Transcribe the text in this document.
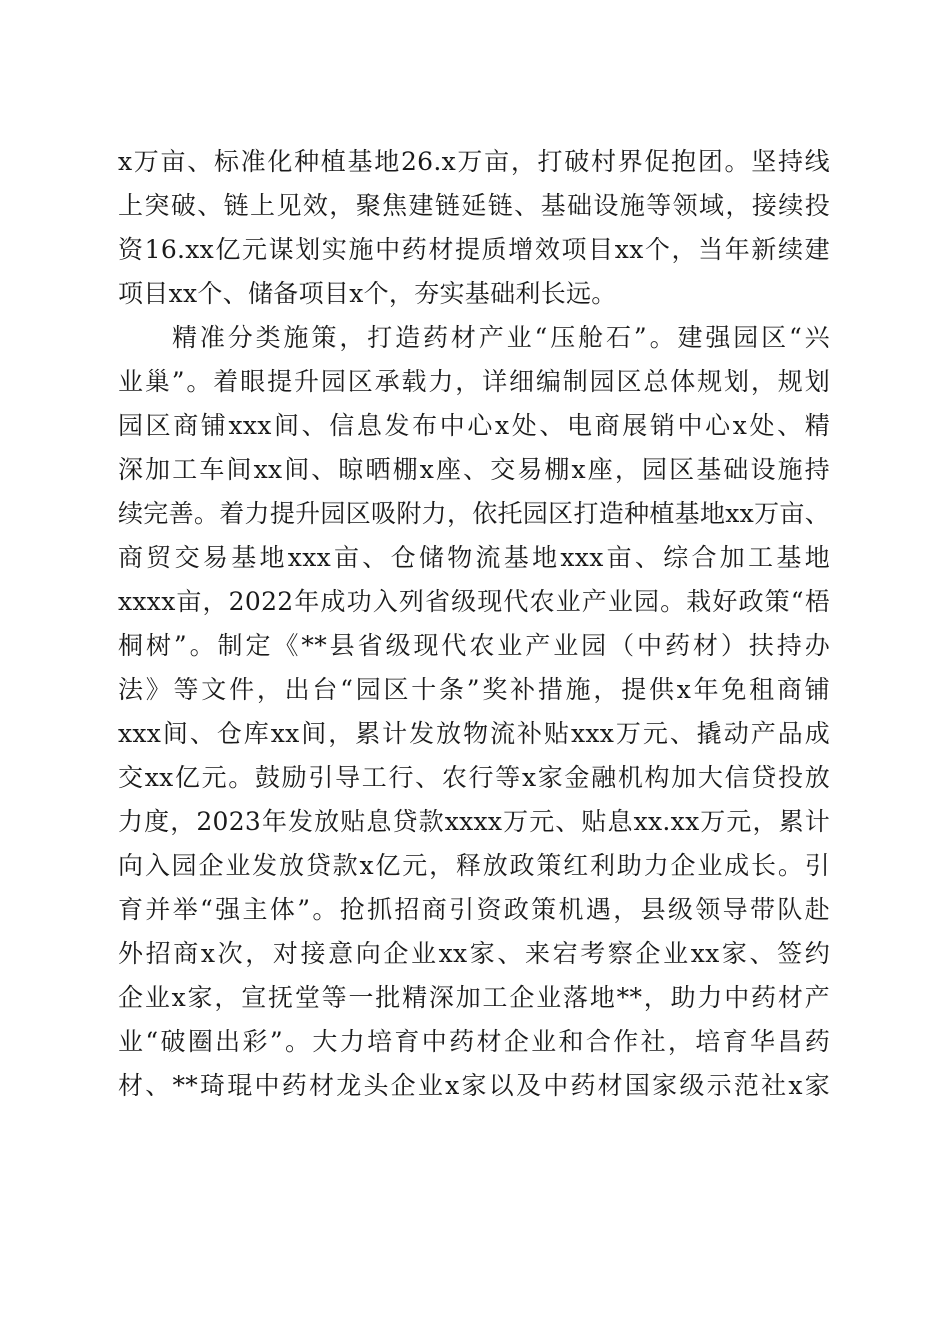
x万亩、标准化种植基地26.x万亩，打破村界促抱团。坚持线
上突破、链上见效，聚焦建链延链、基础设施等领域，接续投
资16.xx亿元谋划实施中药材提质增效项目xx个，当年新续建
项目xx个、储备项目x个，夯实基础利长远。
精准分类施策，打造药材产业“压舱石”。建强园区“兴
业巢”。着眼提升园区承载力，详细编制园区总体规划，规划
园区商铺xxx间、信息发布中心x处、电商展销中心x处、精
深加工车间xx间、晾晒棚x座、交易棚x座，园区基础设施持
续完善。着力提升园区吸附力，依托园区打造种植基地xx万亩、
商贸交易基地xxx亩、仓储物流基地xxx亩、综合加工基地
xxxx亩，2022年成功入列省级现代农业产业园。栽好政策“梧
桐树”。制定《**县省级现代农业产业园（中药材）扶持办
法》等文件，出台“园区十条”奖补措施，提供x年免租商铺
xxx间、仓库xx间，累计发放物流补贴xxx万元、撬动产品成
交xx亿元。鼓励引导工行、农行等x家金融机构加大信贷投放
力度，2023年发放贴息贷款xxxx万元、贴息xx.xx万元，累计
向入园企业发放贷款x亿元，释放政策红利助力企业成长。引
育并举“强主体”。抢抓招商引资政策机遇，县级领导带队赴
外招商x次，对接意向企业xx家、来宕考察企业xx家、签约
企业x家，宣抚堂等一批精深加工企业落地**，助力中药材产
业“破圈出彩”。大力培育中药材企业和合作社，培育华昌药
材、**琦琨中药材龙头企业x家以及中药材国家级示范社x家
